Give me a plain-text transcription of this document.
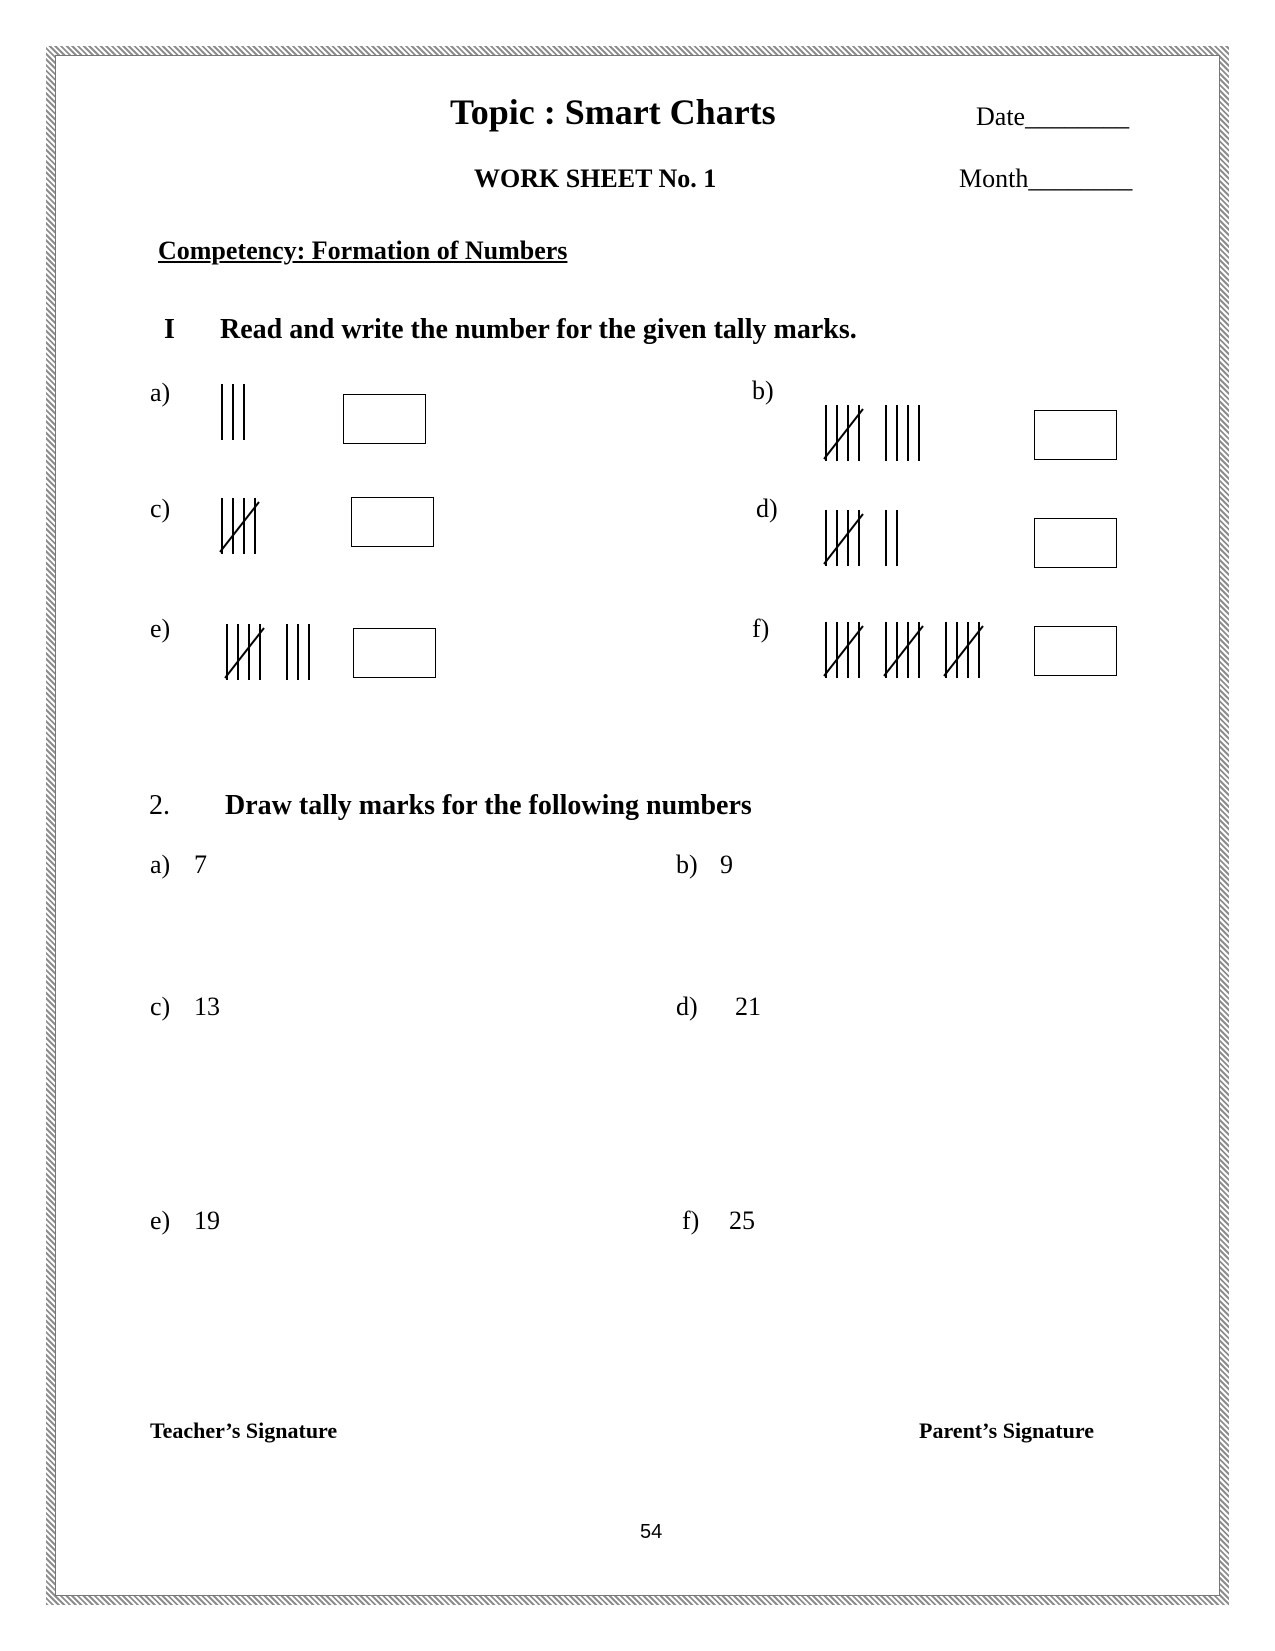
Topic : Smart Charts	Date________
WORK SHEET No. 1	Month________
Competency: Formation of Numbers
I Read and write the number for the given tally marks.
a)	b)
c)	d)
e)	f)
2. Draw tally marks for the following numbers
a) 7	b) 9
c) 13	d) 21
e) 19	f) 25
Teacher’s Signature	Parent’s Signature
54
